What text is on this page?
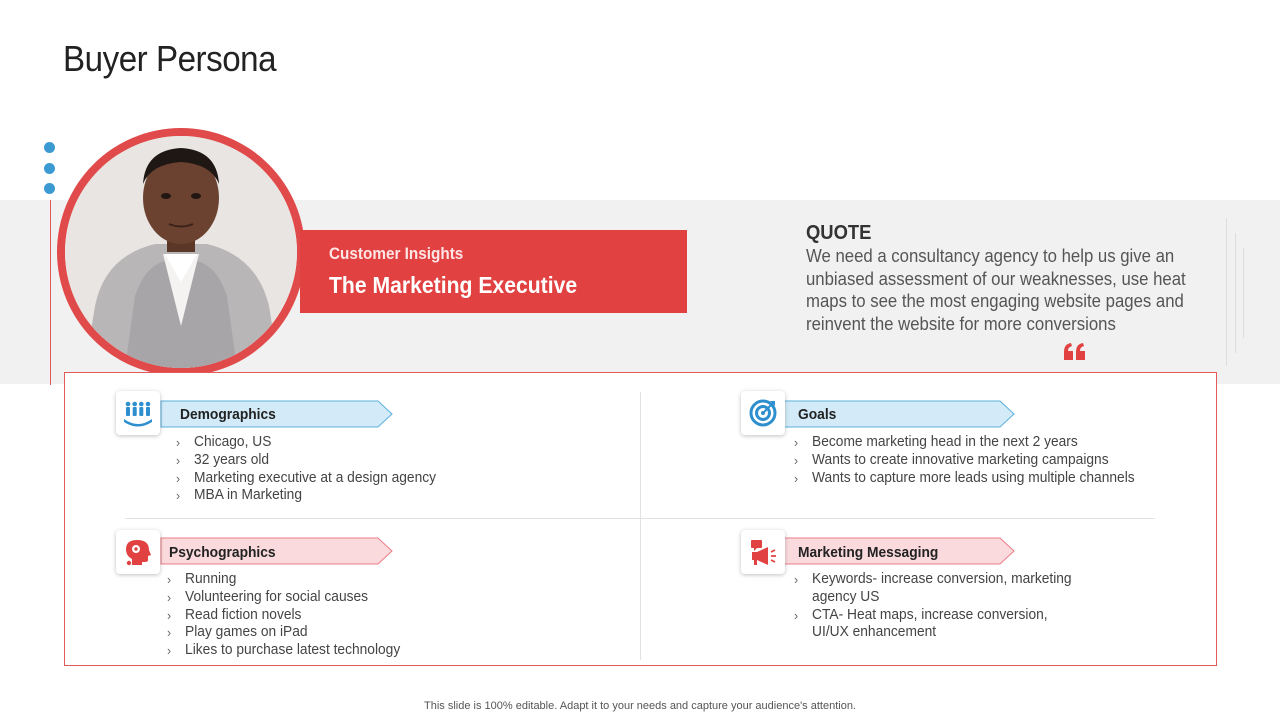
Buyer Persona
Customer Insights
The Marketing Executive
QUOTE
We need a consultancy agency to help us give an unbiased assessment of our weaknesses, use heat maps to see the most engaging website pages and reinvent the website for more conversions
Demographics
› Chicago, US
› 32 years old
› Marketing executive at a design agency
› MBA in Marketing
Goals
› Become marketing head in the next 2 years
› Wants to create innovative marketing campaigns
› Wants to capture more leads using multiple channels
Psychographics
› Running
› Volunteering for social causes
› Read fiction novels
› Play games on iPad
› Likes to purchase latest technology
Marketing Messaging
› Keywords- increase conversion, marketing agency US
› CTA- Heat maps, increase conversion, UI/UX enhancement
This slide is 100% editable. Adapt it to your needs and capture your audience's attention.
